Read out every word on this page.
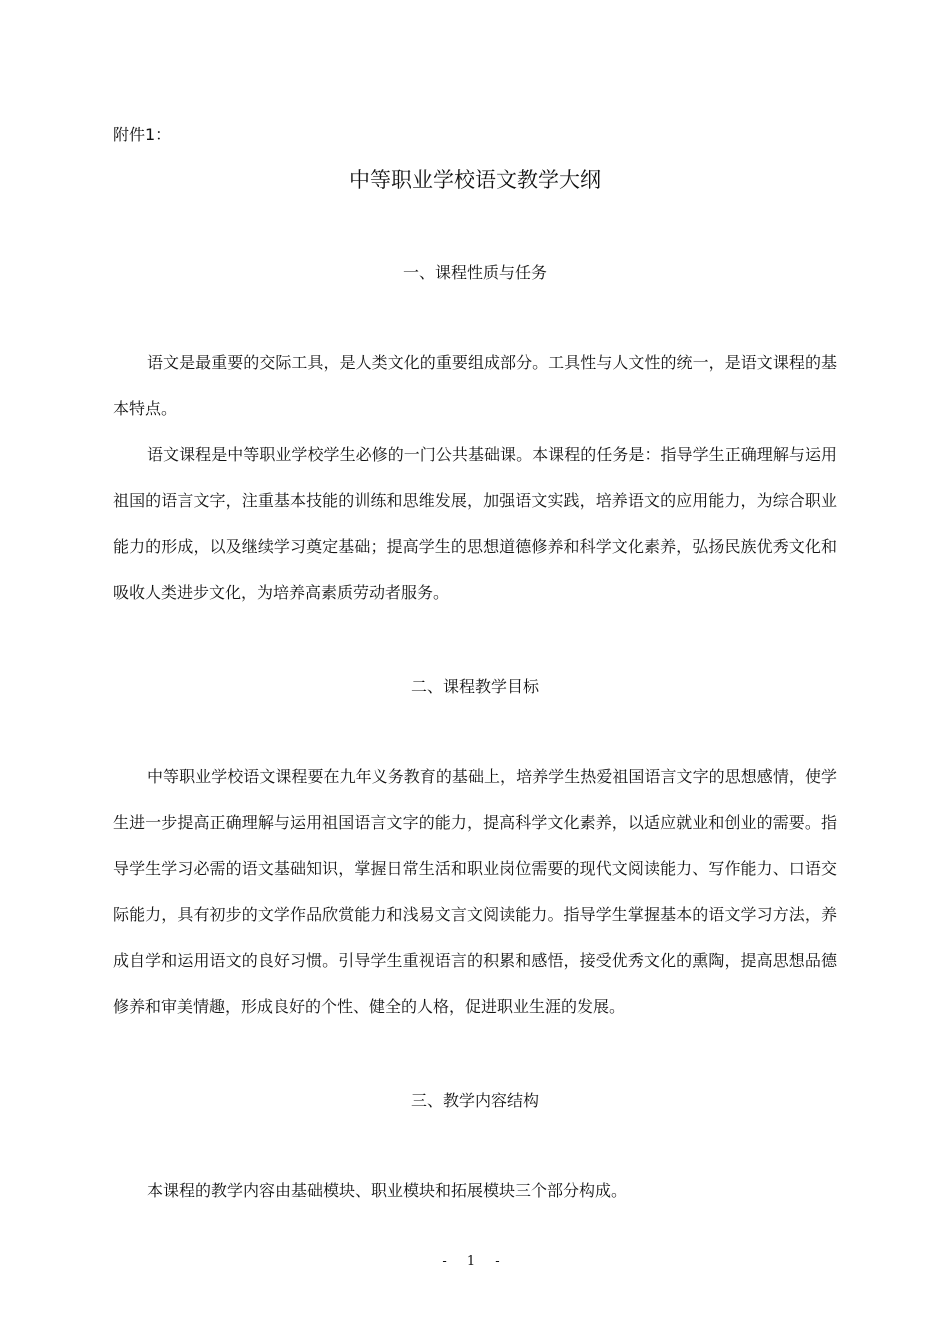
附件1：
中等职业学校语文教学大纲
一、课程性质与任务

语文是最重要的交际工具，是人类文化的重要组成部分。工具性与人文性的统一，是语文课程的基本特点。

语文课程是中等职业学校学生必修的一门公共基础课。本课程的任务是：指导学生正确理解与运用祖国的语言文字，注重基本技能的训练和思维发展，加强语文实践，培养语文的应用能力，为综合职业能力的形成，以及继续学习奠定基础；提高学生的思想道德修养和科学文化素养，弘扬民族优秀文化和吸收人类进步文化，为培养高素质劳动者服务。

二、课程教学目标

中等职业学校语文课程要在九年义务教育的基础上，培养学生热爱祖国语言文字的思想感情，使学生进一步提高正确理解与运用祖国语言文字的能力，提高科学文化素养，以适应就业和创业的需要。指导学生学习必需的语文基础知识，掌握日常生活和职业岗位需要的现代文阅读能力、写作能力、口语交际能力，具有初步的文学作品欣赏能力和浅易文言文阅读能力。指导学生掌握基本的语文学习方法，养成自学和运用语文的良好习惯。引导学生重视语言的积累和感悟，接受优秀文化的熏陶，提高思想品德修养和审美情趣，形成良好的个性、健全的人格，促进职业生涯的发展。

三、教学内容结构

本课程的教学内容由基础模块、职业模块和拓展模块三个部分构成。

- 1 -
